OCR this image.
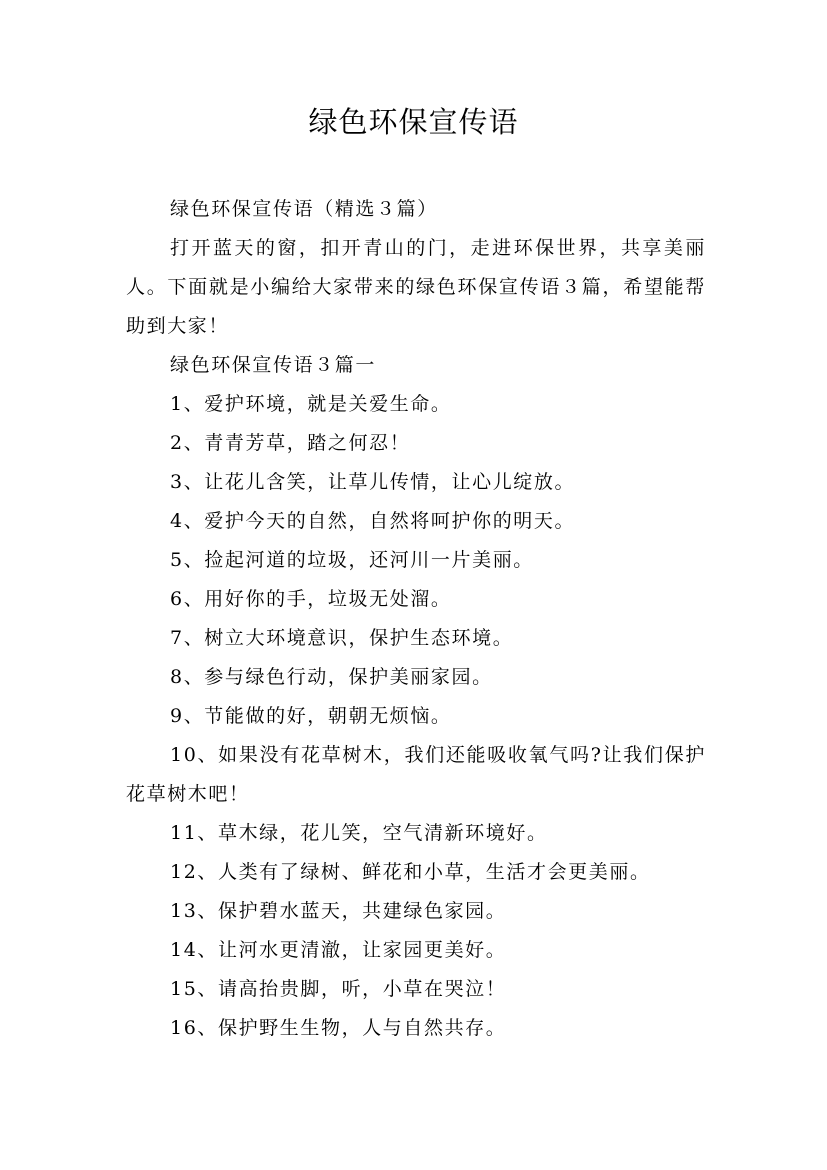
绿色环保宣传语

绿色环保宣传语（精选３篇）

打开蓝天的窗，扣开青山的门，走进环保世界，共享美丽人。下面就是小编给大家带来的绿色环保宣传语３篇，希望能帮助到大家！

绿色环保宣传语３篇一

1、爱护环境，就是关爱生命。

2、青青芳草，踏之何忍！

3、让花儿含笑，让草儿传情，让心儿绽放。

4、爱护今天的自然，自然将呵护你的明天。

5、捡起河道的垃圾，还河川一片美丽。

6、用好你的手，垃圾无处溜。

7、树立大环境意识，保护生态环境。

8、参与绿色行动，保护美丽家园。

9、节能做的好，朝朝无烦恼。

10、如果没有花草树木，我们还能吸收氧气吗?让我们保护花草树木吧！

11、草木绿，花儿笑，空气清新环境好。

12、人类有了绿树、鲜花和小草，生活才会更美丽。

13、保护碧水蓝天，共建绿色家园。

14、让河水更清澈，让家园更美好。

15、请高抬贵脚，听，小草在哭泣！

16、保护野生生物，人与自然共存。
